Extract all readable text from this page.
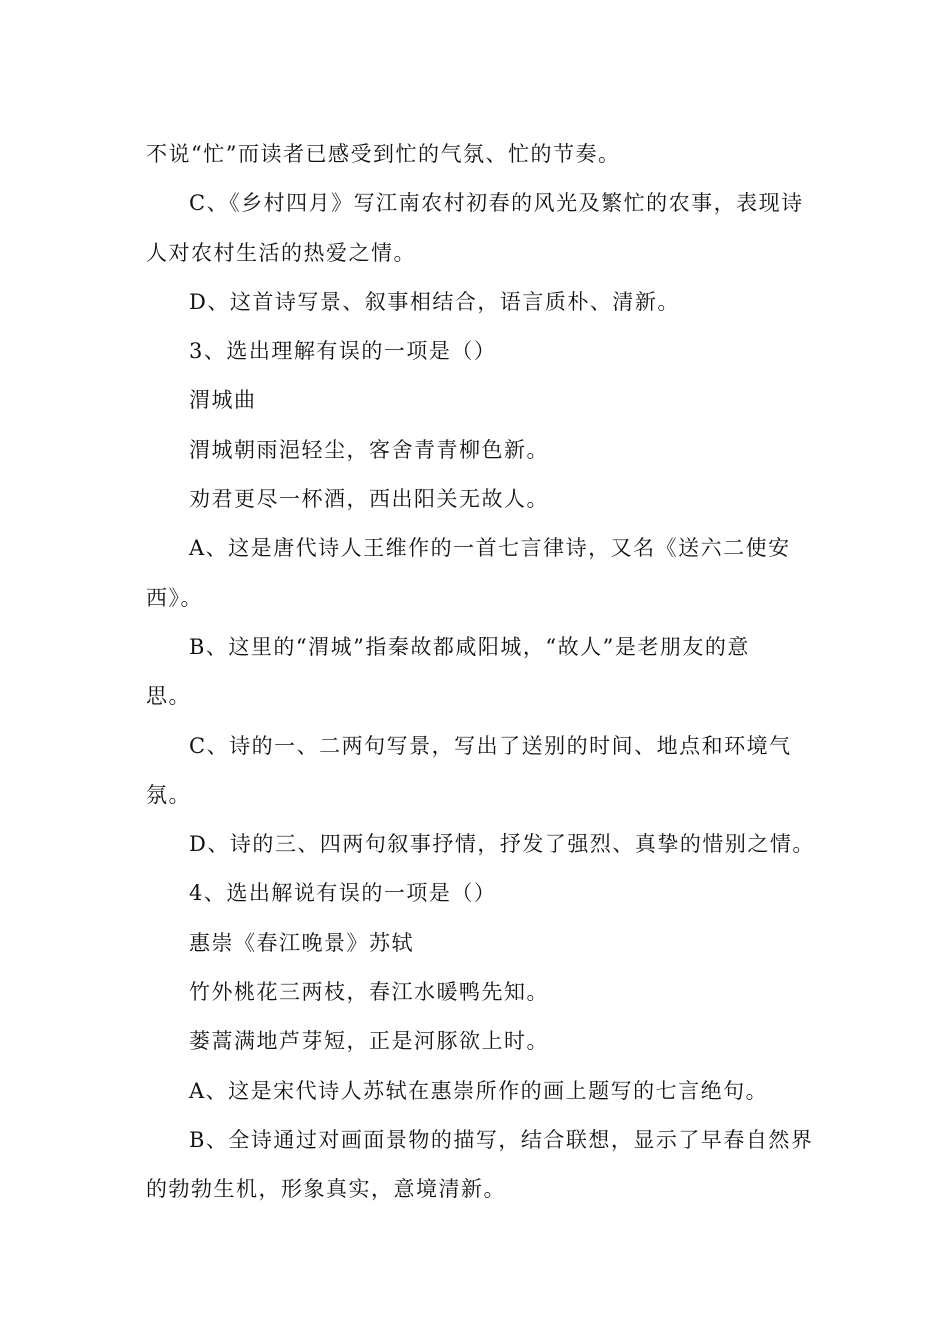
不说“忙”而读者已感受到忙的气氛、忙的节奏。

C、《乡村四月》写江南农村初春的风光及繁忙的农事，表现诗

人对农村生活的热爱之情。

D、这首诗写景、叙事相结合，语言质朴、清新。

3、选出理解有误的一项是（）

渭城曲

渭城朝雨浥轻尘，客舍青青柳色新。

劝君更尽一杯酒，西出阳关无故人。

A、这是唐代诗人王维作的一首七言律诗，又名《送六二使安

西》。

B、这里的“渭城”指秦故都咸阳城，“故人”是老朋友的意

思。

C、诗的一、二两句写景，写出了送别的时间、地点和环境气

氛。

D、诗的三、四两句叙事抒情，抒发了强烈、真挚的惜别之情。

4、选出解说有误的一项是（）

惠崇《春江晚景》苏轼

竹外桃花三两枝，春江水暖鸭先知。

蒌蒿满地芦芽短，正是河豚欲上时。

A、这是宋代诗人苏轼在惠崇所作的画上题写的七言绝句。

B、全诗通过对画面景物的描写，结合联想，显示了早春自然界

的勃勃生机，形象真实，意境清新。
